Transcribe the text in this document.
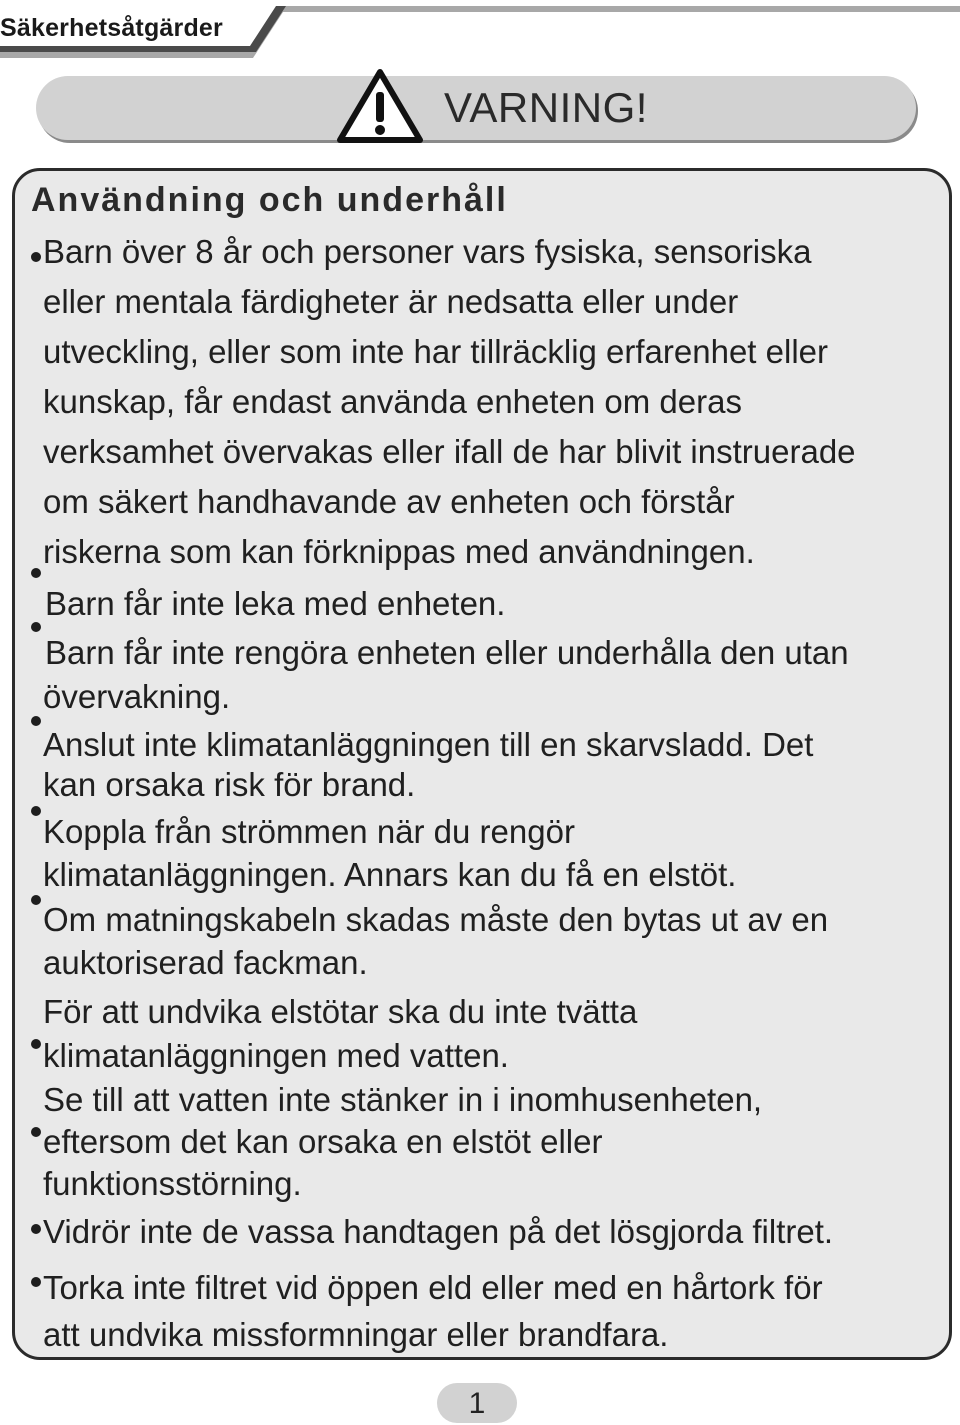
Säkerhetsåtgärder
VARNING!
Användning och underhåll
Barn över 8 år och personer vars fysiska, sensoriska
eller mentala färdigheter är nedsatta eller under
utveckling, eller som inte har tillräcklig erfarenhet eller
kunskap, får endast använda enheten om deras
verksamhet övervakas eller ifall de har blivit instruerade
om säkert handhavande av enheten och förstår
riskerna som kan förknippas med användningen.
Barn får inte leka med enheten.
Barn får inte rengöra enheten eller underhålla den utan
övervakning.
Anslut inte klimatanläggningen till en skarvsladd. Det
kan orsaka risk för brand.
Koppla från strömmen när du rengör
klimatanläggningen. Annars kan du få en elstöt.
Om matningskabeln skadas måste den bytas ut av en
auktoriserad fackman.
För att undvika elstötar ska du inte tvätta
klimatanläggningen med vatten.
Se till att vatten inte stänker in i inomhusenheten,
eftersom det kan orsaka en elstöt eller
funktionsstörning.
Vidrör inte de vassa handtagen på det lösgjorda filtret.
Torka inte filtret vid öppen eld eller med en hårtork för
att undvika missformningar eller brandfara.
1
